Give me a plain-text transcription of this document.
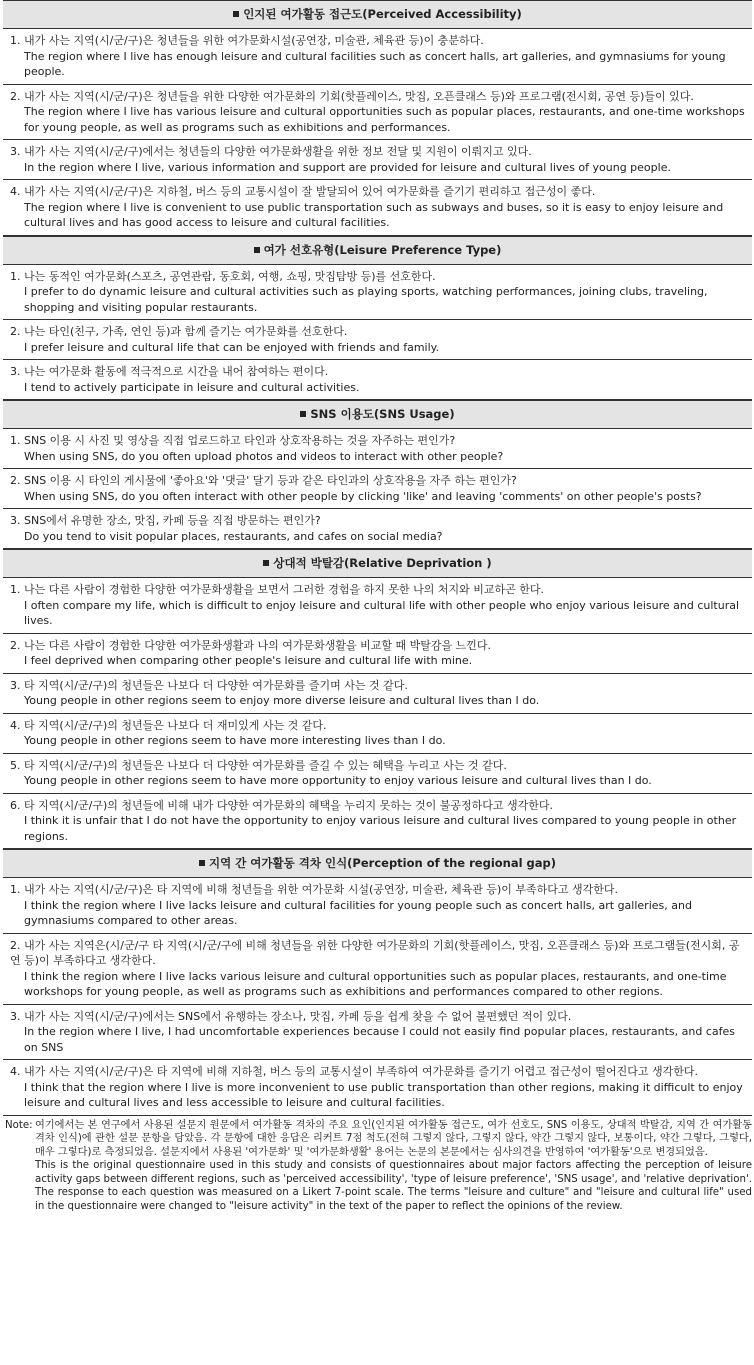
인지된 여가활동 접근도(Perceived Accessibility)
1. 내가 사는 지역(시/군/구)은 청년들을 위한 여가문화시설(공연장, 미술관, 체육관 등)이 충분하다.
The region where I live has enough leisure and cultural facilities such as concert halls, art galleries, and gymnasiums for young people.
2. 내가 사는 지역(시/군/구)은 청년들을 위한 다양한 여가문화의 기회(핫플레이스, 맛집, 오픈클래스 등)와 프로그램(전시회, 공연 등)들이 있다.
The region where I live has various leisure and cultural opportunities such as popular places, restaurants, and one-time workshops for young people, as well as programs such as exhibitions and performances.
3. 내가 사는 지역(시/군/구)에서는 청년들의 다양한 여가문화생활을 위한 정보 전달 및 지원이 이뤄지고 있다.
In the region where I live, various information and support are provided for leisure and cultural lives of young people.
4. 내가 사는 지역(시/군/구)은 지하철, 버스 등의 교통시설이 잘 발달되어 있어 여가문화를 즐기기 편리하고 접근성이 좋다.
The region where I live is convenient to use public transportation such as subways and buses, so it is easy to enjoy leisure and cultural lives and has good access to leisure and cultural facilities.
여가 선호유형(Leisure Preference Type)
1. 나는 동적인 여가문화(스포츠, 공연관람, 동호회, 여행, 쇼핑, 맛집탐방 등)를 선호한다.
I prefer to do dynamic leisure and cultural activities such as playing sports, watching performances, joining clubs, traveling, shopping and visiting popular restaurants.
2. 나는 타인(친구, 가족, 연인 등)과 함께 즐기는 여가문화를 선호한다.
I prefer leisure and cultural life that can be enjoyed with friends and family.
3. 나는 여가문화 활동에 적극적으로 시간을 내어 참여하는 편이다.
I tend to actively participate in leisure and cultural activities.
SNS 이용도(SNS Usage)
1. SNS 이용 시 사진 및 영상을 직접 업로드하고 타인과 상호작용하는 것을 자주하는 편인가?
When using SNS, do you often upload photos and videos to interact with other people?
2. SNS 이용 시 타인의 게시물에 '좋아요'와 '댓글' 달기 등과 같은 타인과의 상호작용을 자주 하는 편인가?
When using SNS, do you often interact with other people by clicking 'like' and leaving 'comments' on other people's posts?
3. SNS에서 유명한 장소, 맛집, 카페 등을 직접 방문하는 편인가?
Do you tend to visit popular places, restaurants, and cafes on social media?
상대적 박탈감(Relative Deprivation )
1. 나는 다른 사람이 경험한 다양한 여가문화생활을 보면서 그러한 경험을 하지 못한 나의 처지와 비교하곤 한다.
I often compare my life, which is difficult to enjoy leisure and cultural life with other people who enjoy various leisure and cultural lives.
2. 나는 다른 사람이 경험한 다양한 여가문화생활과 나의 여가문화생활을 비교할 때 박탈감을 느낀다.
I feel deprived when comparing other people's leisure and cultural life with mine.
3. 타 지역(시/군/구)의 청년들은 나보다 더 다양한 여가문화를 즐기며 사는 것 같다.
Young people in other regions seem to enjoy more diverse leisure and cultural lives than I do.
4. 타 지역(시/군/구)의 청년들은 나보다 더 재미있게 사는 것 같다.
Young people in other regions seem to have more interesting lives than I do.
5. 타 지역(시/군/구)의 청년들은 나보다 더 다양한 여가문화를 즐길 수 있는 혜택을 누리고 사는 것 같다.
Young people in other regions seem to have more opportunity to enjoy various leisure and cultural lives than I do.
6. 타 지역(시/군/구)의 청년들에 비해 내가 다양한 여가문화의 혜택을 누리지 못하는 것이 불공정하다고 생각한다.
I think it is unfair that I do not have the opportunity to enjoy various leisure and cultural lives compared to young people in other regions.
지역 간 여가활동 격차 인식(Perception of the regional gap)
1. 내가 사는 지역(시/군/구)은 타 지역에 비해 청년들을 위한 여가문화 시설(공연장, 미술관, 체육관 등)이 부족하다고 생각한다.
I think the region where I live lacks leisure and cultural facilities for young people such as concert halls, art galleries, and gymnasiums compared to other areas.
2. 내가 사는 지역은(시/군/구 타 지역(시/군/구에 비해 청년들을 위한 다양한 여가문화의 기회(핫플레이스, 맛집, 오픈클래스 등)와 프로그램들(전시회, 공연 등)이 부족하다고 생각한다.
I think the region where I live lacks various leisure and cultural opportunities such as popular places, restaurants, and one-time workshops for young people, as well as programs such as exhibitions and performances compared to other regions.
3. 내가 사는 지역(시/군/구)에서는 SNS에서 유행하는 장소나, 맛집, 카페 등을 쉽게 찾을 수 없어 불편했던 적이 있다.
In the region where I live, I had uncomfortable experiences because I could not easily find popular places, restaurants, and cafes on SNS
4. 내가 사는 지역(시/군/구)은 타 지역에 비해 지하철, 버스 등의 교통시설이 부족하여 여가문화를 즐기기 어렵고 접근성이 떨어진다고 생각한다.
I think that the region where I live is more inconvenient to use public transportation than other regions, making it difficult to enjoy leisure and cultural lives and less accessible to leisure and cultural facilities.
Note: 여기에서는 본 연구에서 사용된 설문지 원문에서 여가활동 격차의 주요 요인(인지된 여가활동 접근도, 여가 선호도, SNS 이용도, 상대적 박탈감, 지역 간 여가활동 격차 인식)에 관한 설문 문항을 담았음. 각 문항에 대한 응답은 리커트 7점 척도(전혀 그렇지 않다, 그렇지 않다, 약간 그렇지 않다, 보통이다, 약간 그렇다, 그렇다, 매우 그렇다)로 측정되었음. 설문지에서 사용된 '여가문화' 및 '여가문화생활' 용어는 논문의 본문에서는 심사의견을 반영하여 '여가활동'으로 변경되었음.

This is the original questionnaire used in this study and consists of questionnaires about major factors affecting the perception of leisure activity gaps between different regions, such as 'perceived accessibility', 'type of leisure preference', 'SNS usage', and 'relative deprivation'. The response to each question was measured on a Likert 7-point scale. The terms "leisure and culture" and "leisure and cultural life" used in the questionnaire were changed to "leisure activity" in the text of the paper to reflect the opinions of the review.
